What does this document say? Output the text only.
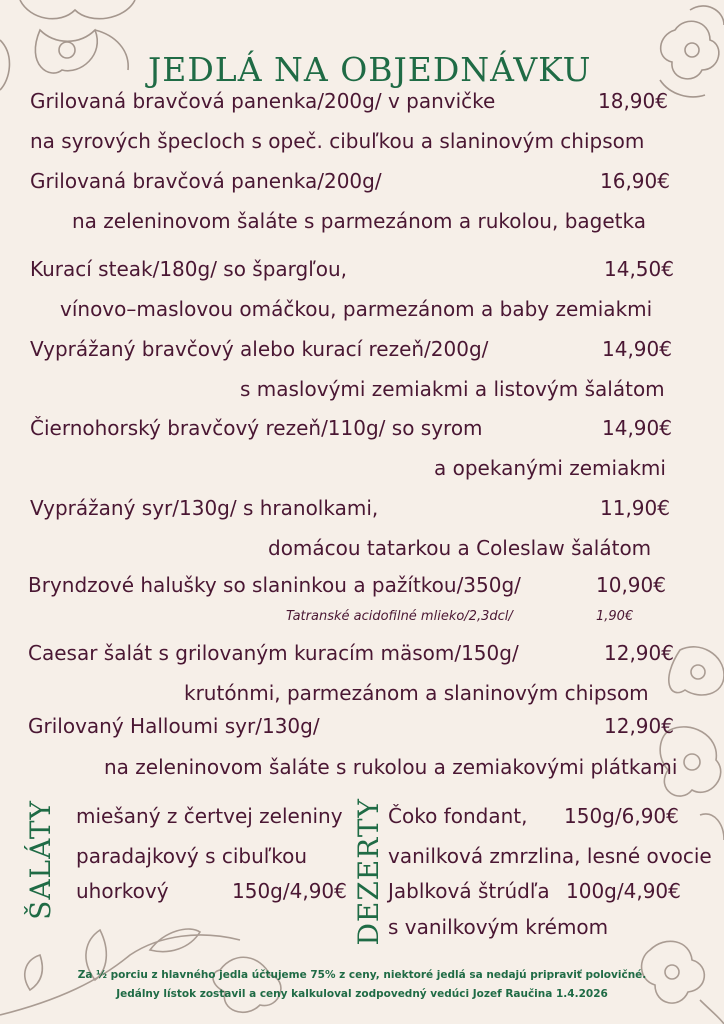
JEDLÁ NA OBJEDNÁVKU
Grilovaná bravčová panenka/200g/ v panvičke	18,90€
na syrových špecloch s opeč. cibuľkou a slaninovým chipsom
Grilovaná bravčová panenka/200g/	16,90€
na zeleninovom šaláte s parmezánom a rukolou, bagetka
Kurací steak/180g/ so špargľou,	14,50€
vínovo–maslovou omáčkou, parmezánom a baby zemiakmi
Vyprážaný bravčový alebo kurací rezeň/200g/	14,90€
s maslovými zemiakmi a listovým šalátom
Čiernohorský bravčový rezeň/110g/ so syrom	14,90€
a opekanými zemiakmi
Vyprážaný syr/130g/ s hranolkami,	11,90€
domácou tatarkou a Coleslaw šalátom
Bryndzové halušky so slaninkou a pažítkou/350g/	10,90€
Tatranské acidofilné mlieko/2,3dcl/	1,90€
Caesar šalát s grilovaným kuracím mäsom/150g/	12,90€
krutónmi, parmezánom a slaninovým chipsom
Grilovaný Halloumi syr/130g/	12,90€
na zeleninovom šaláte s rukolou a zemiakovými plátkami
ŠALÁTY miešaný z čertvej zeleniny
paradajkový s cibuľkou
uhorkový	150g/4,90€ DEZERTY Čoko fondant, 150g/6,90€
vanilková zmrzlina, lesné ovocie
Jablková štrúdľa 100g/4,90€
s vanilkovým krémom
Za ½ porciu z hlavného jedla účtujeme 75% z ceny, niektoré jedlá sa nedajú pripraviť polovičné.
Jedálny lístok zostavil a ceny kalkuloval zodpovedný vedúci Jozef Raučina 1.4.2026
